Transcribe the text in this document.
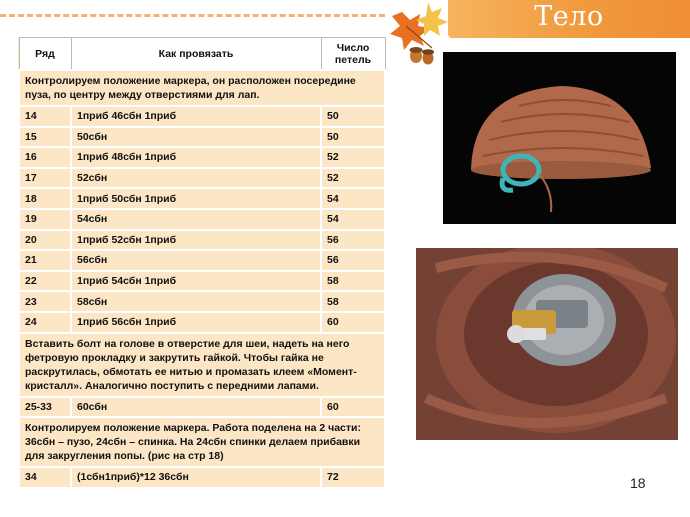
Тело
Ряд	Как провязать	Число петель
Контролируем положение маркера, он расположен посередине пуза, по центру между отверстиями для лап.		
14	1приб 46сбн 1приб	50
15	50сбн	50
16	1приб 48сбн 1приб	52
17	52сбн	52
18	1приб 50сбн 1приб	54
19	54сбн	54
20	1приб 52сбн 1приб	56
21	56сбн	56
22	1приб 54сбн 1приб	58
23	58сбн	58
24	1приб 56сбн 1приб	60
Вставить болт на голове в отверстие для шеи, надеть на него фетровую прокладку и закрутить гайкой. Чтобы гайка не раскрутилась, обмотать ее нитью и промазать клеем «Момент-кристалл». Аналогично поступить с передними лапами.		
25-33	60сбн	60
Контролируем положение маркера. Работа поделена на 2 части: 36сбн – пузо, 24сбн – спинка. На 24сбн спинки делаем прибавки для закругления попы. (рис на стр 18)		
34	(1сбн1приб)*12 36сбн	72	18
